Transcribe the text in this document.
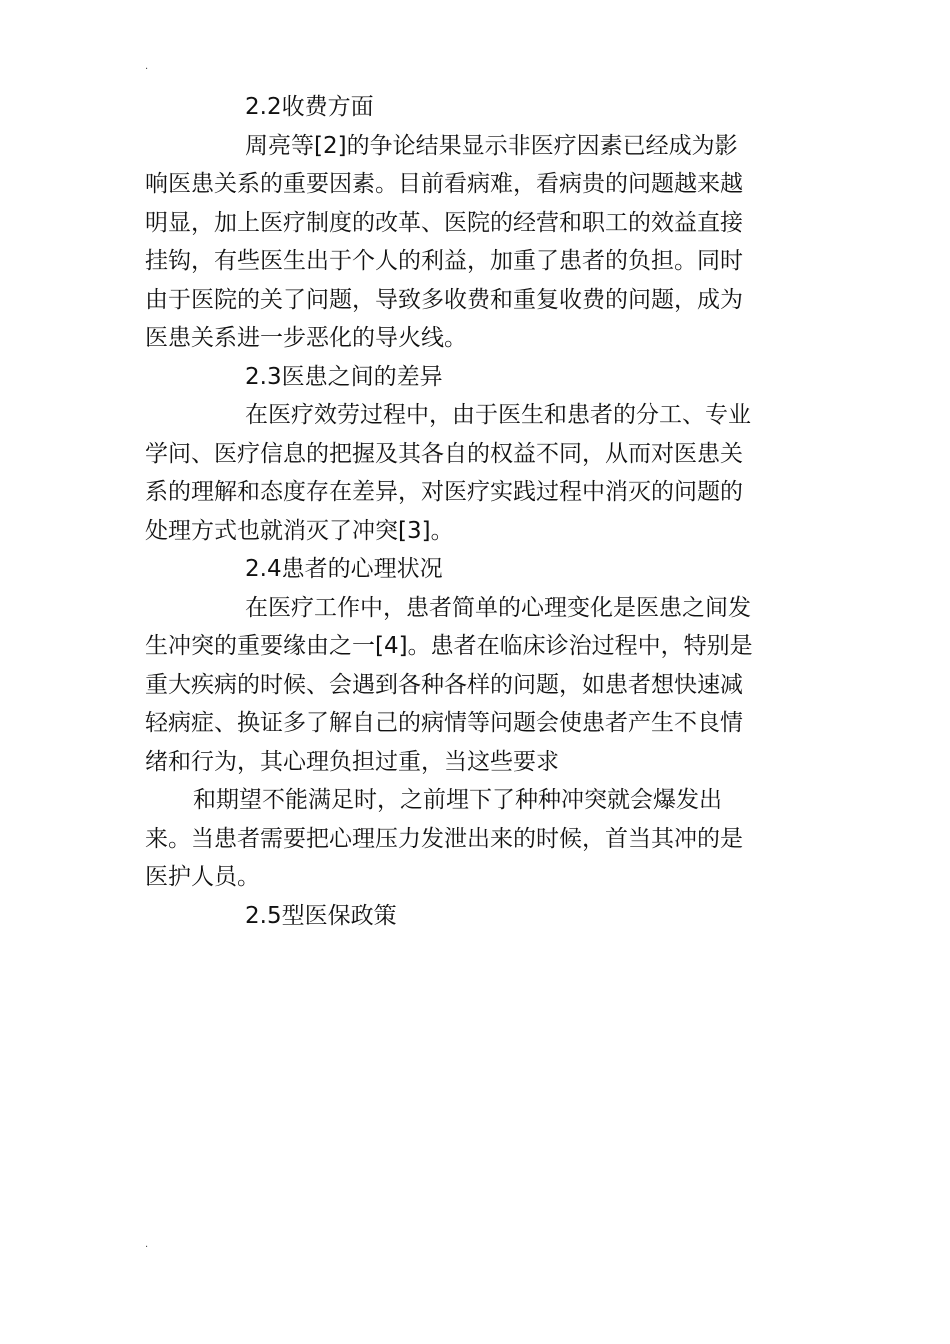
.
2.2收费方面
周亮等[2]的争论结果显示非医疗因素已经成为影
响医患关系的重要因素。目前看病难，看病贵的问题越来越
明显，加上医疗制度的改革、医院的经营和职工的效益直接
挂钩，有些医生出于个人的利益，加重了患者的负担。同时
由于医院的关了问题，导致多收费和重复收费的问题，成为
医患关系进一步恶化的导火线。
2.3医患之间的差异
在医疗效劳过程中，由于医生和患者的分工、专业
学问、医疗信息的把握及其各自的权益不同，从而对医患关
系的理解和态度存在差异，对医疗实践过程中消灭的问题的
处理方式也就消灭了冲突[3]。
2.4患者的心理状况
在医疗工作中，患者简单的心理变化是医患之间发
生冲突的重要缘由之一[4]。患者在临床诊治过程中，特别是
重大疾病的时候、会遇到各种各样的问题，如患者想快速减
轻病症、换证多了解自己的病情等问题会使患者产生不良情
绪和行为，其心理负担过重，当这些要求
和期望不能满足时，之前埋下了种种冲突就会爆发出
来。当患者需要把心理压力发泄出来的时候，首当其冲的是
医护人员。
2.5型医保政策
.
